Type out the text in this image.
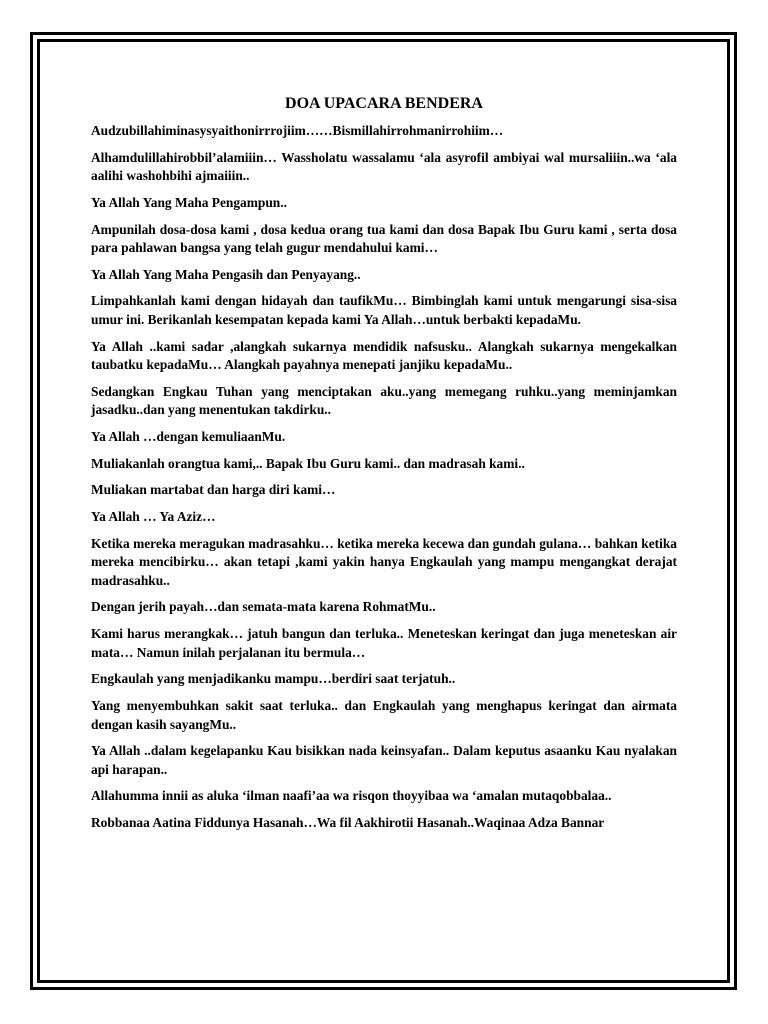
DOA UPACARA BENDERA

Audzubillahiminasysyaithonirrrojiim……Bismillahirrohmanirrohiim…

Alhamdulillahirobbil’alamiiin… Wassholatu wassalamu ‘ala asyrofil ambiyai wal mursaliiin..wa ‘ala aalihi washohbihi ajmaiiin..

Ya Allah Yang Maha Pengampun..

Ampunilah dosa-dosa kami , dosa kedua orang tua kami dan dosa Bapak Ibu Guru kami , serta dosa para pahlawan bangsa yang telah gugur mendahului kami…

Ya Allah Yang Maha Pengasih dan Penyayang..

Limpahkanlah kami dengan hidayah dan taufikMu… Bimbinglah kami untuk mengarungi sisa-sisa umur ini. Berikanlah kesempatan kepada kami Ya Allah…untuk berbakti kepadaMu.

Ya Allah ..kami sadar ,alangkah sukarnya mendidik nafsusku.. Alangkah sukarnya mengekalkan taubatku kepadaMu… Alangkah payahnya menepati janjiku kepadaMu..

Sedangkan Engkau Tuhan yang menciptakan aku..yang memegang ruhku..yang meminjamkan jasadku..dan yang menentukan takdirku..

Ya Allah …dengan kemuliaanMu.

Muliakanlah orangtua kami,.. Bapak Ibu Guru kami.. dan madrasah kami..

Muliakan martabat dan harga diri kami…

Ya Allah … Ya Aziz…

Ketika mereka meragukan madrasahku… ketika mereka kecewa dan gundah gulana… bahkan ketika mereka mencibirku… akan tetapi ,kami yakin hanya Engkaulah yang mampu mengangkat derajat madrasahku..

Dengan jerih payah…dan semata-mata karena RohmatMu..

Kami harus merangkak… jatuh bangun dan terluka.. Meneteskan keringat dan juga meneteskan air mata… Namun inilah perjalanan itu bermula…

Engkaulah yang menjadikanku mampu…berdiri saat terjatuh..

Yang menyembuhkan sakit saat terluka.. dan Engkaulah yang menghapus keringat dan airmata dengan kasih sayangMu..

Ya Allah ..dalam kegelapanku Kau bisikkan nada keinsyafan.. Dalam keputus asaanku Kau nyalakan api harapan..

Allahumma innii as aluka ‘ilman naafi’aa wa risqon thoyyibaa wa ‘amalan mutaqobbalaa..

Robbanaa Aatina Fiddunya Hasanah…Wa fil Aakhirotii Hasanah..Waqinaa Adza Bannar
